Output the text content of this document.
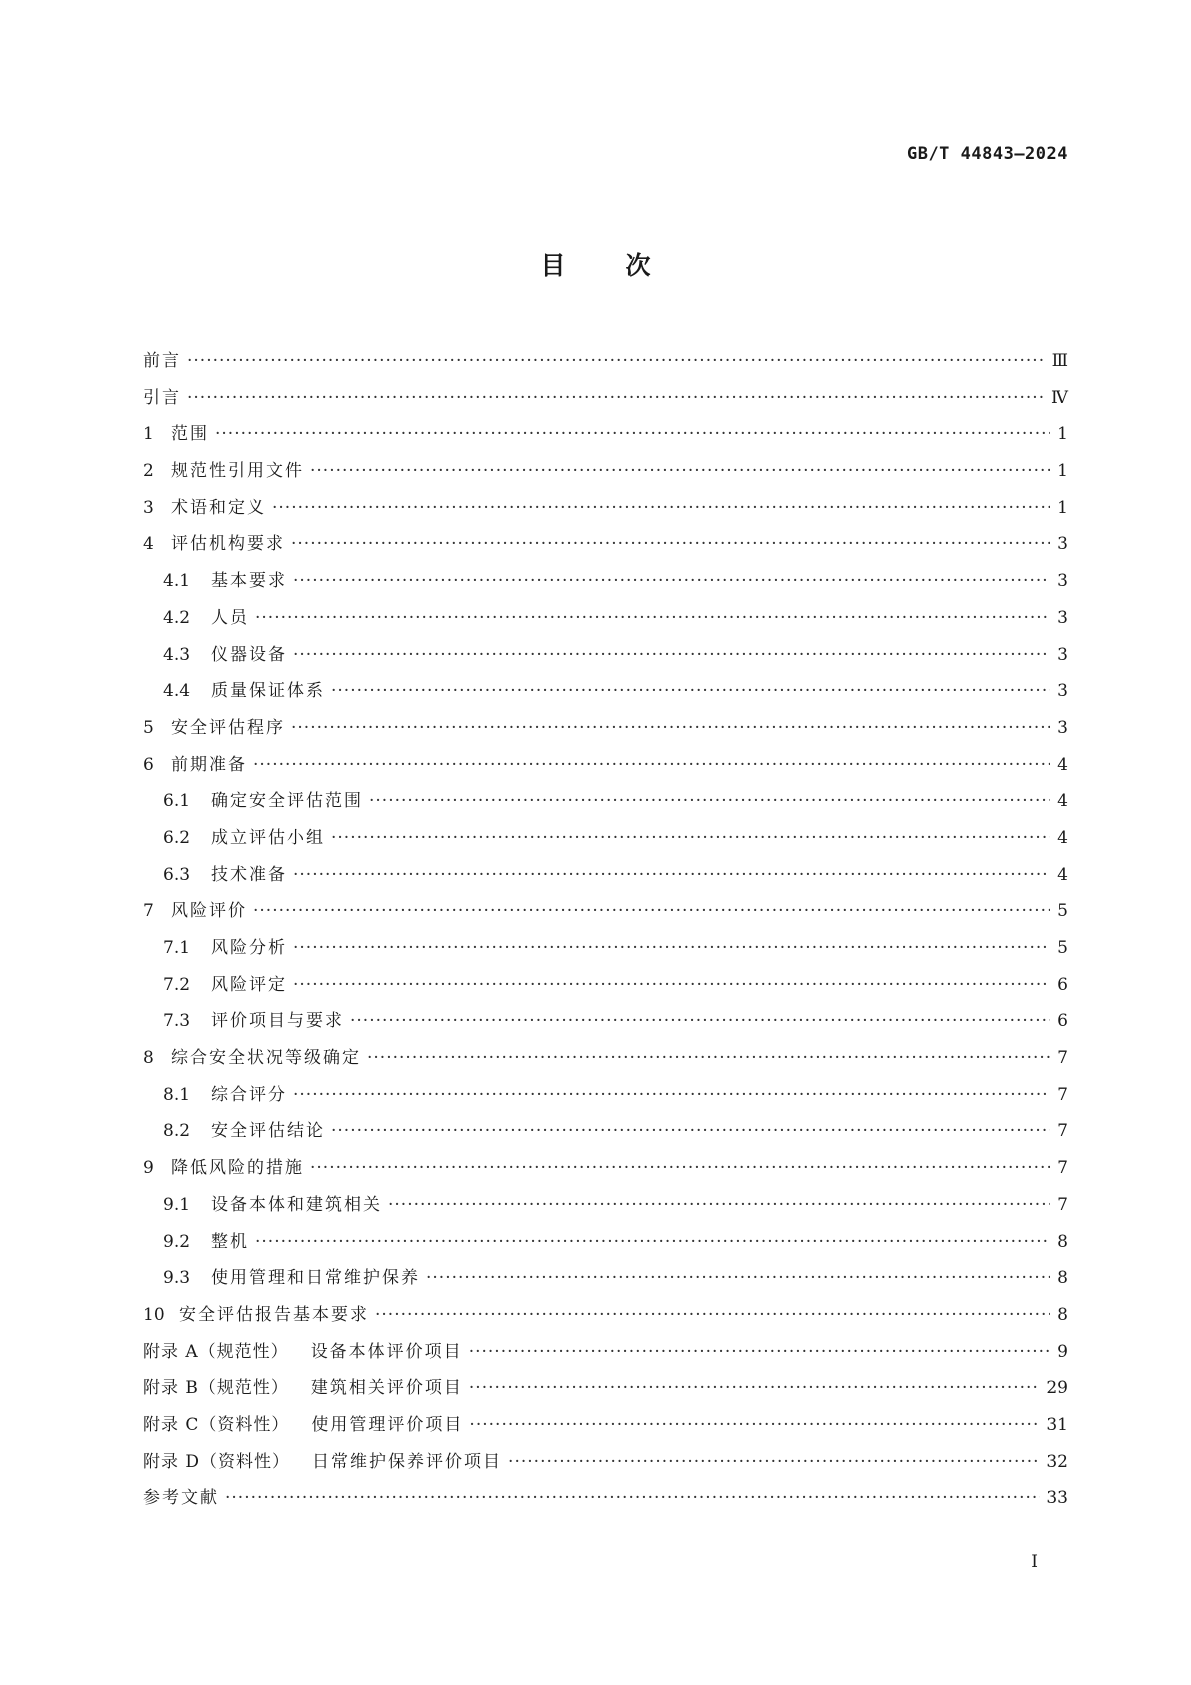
GB/T 44843—2024
目次
前言 ·····	Ⅲ
引言 ·····	Ⅳ
1 范围 ·····	1
2 规范性引用文件 ·····	1
3 术语和定义 ·····	1
4 评估机构要求 ·····	3
4.1 基本要求 ·····	3
4.2 人员 ·····	3
4.3 仪器设备 ·····	3
4.4 质量保证体系 ·····	3
5 安全评估程序 ·····	3
6 前期准备 ·····	4
6.1 确定安全评估范围 ·····	4
6.2 成立评估小组 ·····	4
6.3 技术准备 ·····	4
7 风险评价 ·····	5
7.1 风险分析 ·····	5
7.2 风险评定 ·····	6
7.3 评价项目与要求 ·····	6
8 综合安全状况等级确定 ·····	7
8.1 综合评分 ·····	7
8.2 安全评估结论 ·····	7
9 降低风险的措施 ·····	7
9.1 设备本体和建筑相关 ·····	7
9.2 整机 ·····	8
9.3 使用管理和日常维护保养 ·····	8
10 安全评估报告基本要求 ·····	8
附录 A（规范性） 设备本体评价项目 ·····	9
附录 B（规范性） 建筑相关评价项目 ·····	29
附录 C（资料性） 使用管理评价项目 ·····	31
附录 D（资料性） 日常维护保养评价项目 ·····	32
参考文献 ·····	33
Ⅰ
